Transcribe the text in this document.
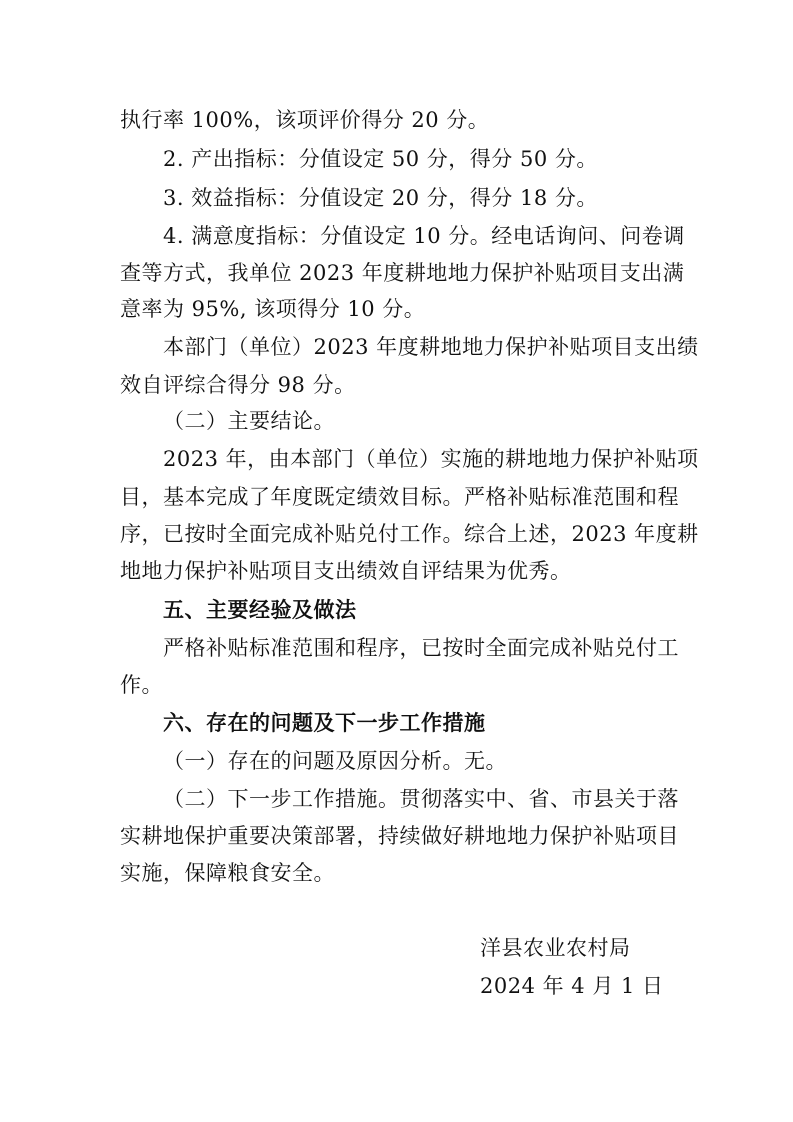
执行率 100%，该项评价得分 20 分。
2. 产出指标：分值设定 50 分，得分 50 分。
3. 效益指标：分值设定 20 分，得分 18 分。
4. 满意度指标：分值设定 10 分。经电话询问、问卷调
查等方式，我单位 2023 年度耕地地力保护补贴项目支出满
意率为 95%, 该项得分 10 分。
本部门（单位）2023 年度耕地地力保护补贴项目支出绩
效自评综合得分 98 分。
（二）主要结论。
2023 年，由本部门（单位）实施的耕地地力保护补贴项
目，基本完成了年度既定绩效目标。严格补贴标准范围和程
序，已按时全面完成补贴兑付工作。综合上述，2023 年度耕
地地力保护补贴项目支出绩效自评结果为优秀。
五、主要经验及做法
严格补贴标准范围和程序，已按时全面完成补贴兑付工
作。
六、存在的问题及下一步工作措施
（一）存在的问题及原因分析。无。
（二）下一步工作措施。贯彻落实中、省、市县关于落
实耕地保护重要决策部署，持续做好耕地地力保护补贴项目
实施，保障粮食安全。
洋县农业农村局
2024 年 4 月 1 日
